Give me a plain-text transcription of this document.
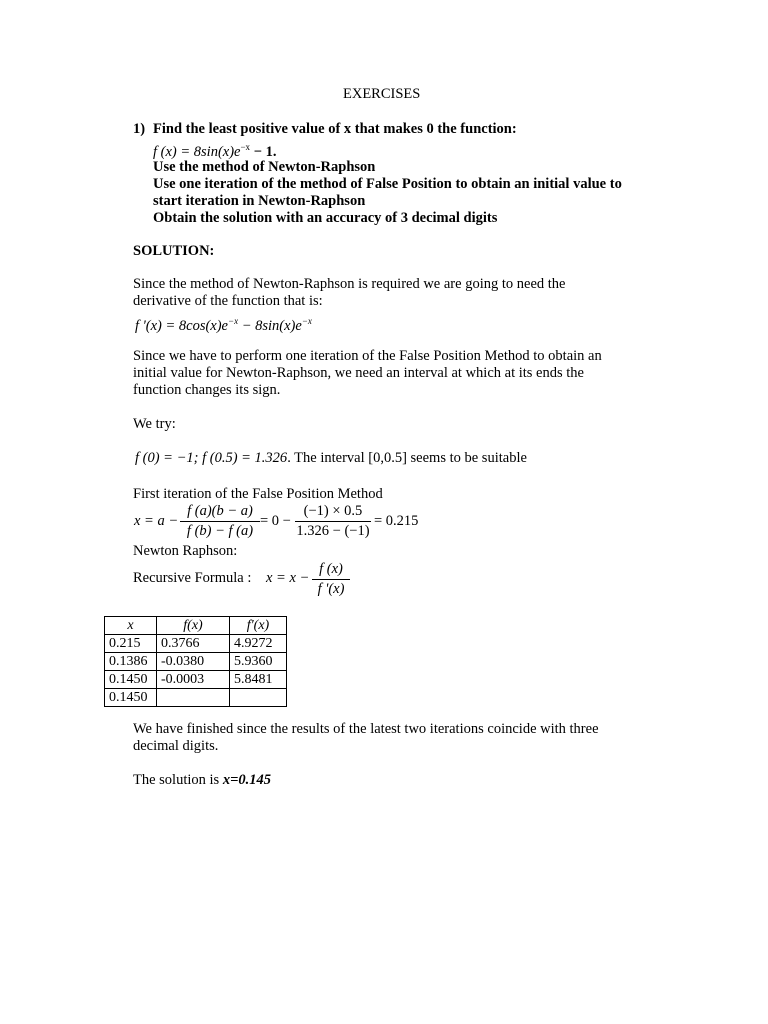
EXERCISES
1) Find the least positive value of x that makes 0 the function:
f $(x) = 8\sin(x)e^{-x} - 1$.
Use the method of Newton-Raphson
Use one iteration of the method of False Position to obtain an initial value to
start iteration in Newton-Raphson
Obtain the solution with an accuracy of 3 decimal digits
SOLUTION:
Since the method of Newton-Raphson is required we are going to need the
derivative of the function that is:
f '$(x) = 8\cos(x)e^{-x} - 8\sin(x)e^{-x}$
Since we have to perform one iteration of the False Position Method to obtain an
initial value for Newton-Raphson, we need an interval at which at its ends the
function changes its sign.
We try:
f (0) = −1; f (0.5) = 1.326. The interval [0,0.5] seems to be suitable
First iteration of the False Position Method
x = a −
f (a)(b − a)
f (b) − f (a)
= 0 −
(−1) × 0.5
1.326 − (−1)
= 0.215
Newton Raphson:
Recursive Formula : x = x −
f (x)
f '(x)
x	f(x)	f'(x)
0.215	0.3766	4.9272
0.1386	-0.0380	5.9360
0.1450	-0.0003	5.8481
0.1450		
We have finished since the results of the latest two iterations coincide with three
decimal digits.
The solution is x=0.145
